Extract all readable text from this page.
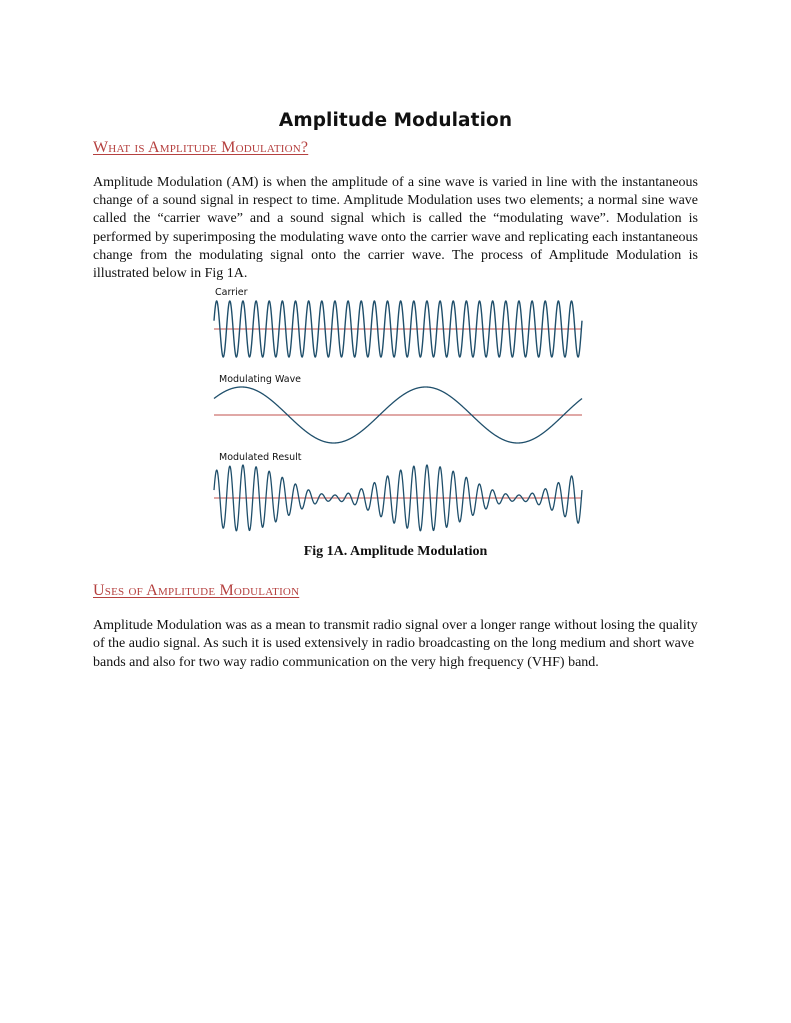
Amplitude Modulation
What is Amplitude Modulation?

Amplitude Modulation (AM) is when the amplitude of a sine wave is varied in line with the instantaneous change of a sound signal in respect to time. Amplitude Modulation uses two elements; a normal sine wave called the “carrier wave” and a sound signal which is called the “modulating wave”. Modulation is performed by superimposing the modulating wave onto the carrier wave and replicating each instantaneous change from the modulating signal onto the carrier wave. The process of Amplitude Modulation is illustrated below in Fig 1A.

Carrier
Modulating Wave
Modulated Result

Fig 1A. Amplitude Modulation

Uses of Amplitude Modulation

Amplitude Modulation was as a mean to transmit radio signal over a longer range without losing the quality of the audio signal. As such it is used extensively in radio broadcasting on the long medium and short wave bands and also for two way radio communication on the very high frequency (VHF) band.
